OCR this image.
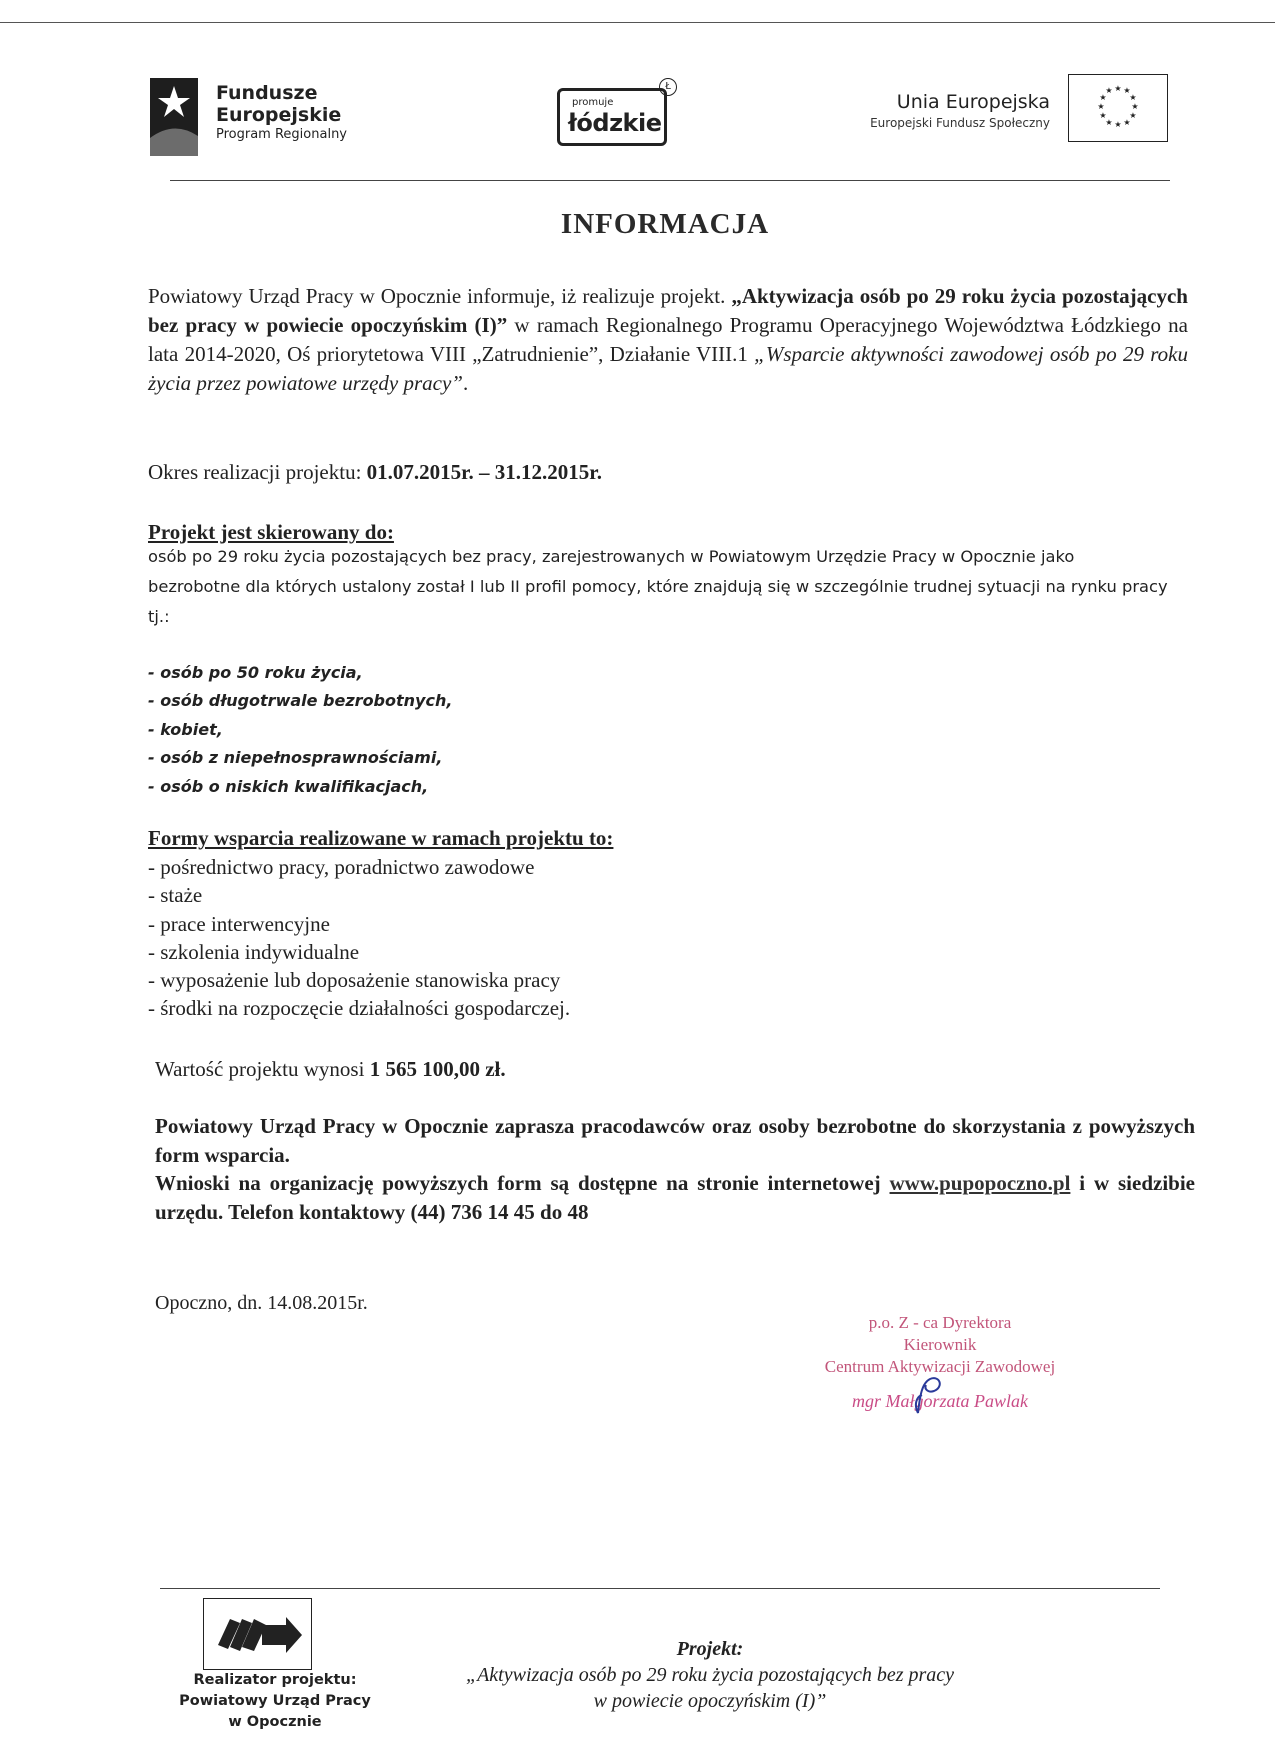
Fundusze
Europejskie
Program Regionalny
promuje
łódzkie
Ł
Unia Europejska
Europejski Fundusz Społeczny
★ ★
★
★
★
★
★
★
★
★
★
★
INFORMACJA
Powiatowy Urząd Pracy w Opocznie informuje, iż realizuje projekt. „Aktywizacja osób po 29 roku życia pozostających bez pracy w powiecie opoczyńskim (I)” w ramach Regionalnego Programu Operacyjnego Województwa Łódzkiego na lata 2014-2020, Oś priorytetowa VIII „Zatrudnienie”, Działanie VIII.1 „Wsparcie aktywności zawodowej osób po 29 roku życia przez powiatowe urzędy pracy”.
Okres realizacji projektu: 01.07.2015r. – 31.12.2015r.
Projekt jest skierowany do:
osób po 29 roku życia pozostających bez pracy, zarejestrowanych w Powiatowym Urzędzie Pracy w Opocznie jako bezrobotne dla których ustalony został I lub II profil pomocy, które znajdują się w szczególnie trudnej sytuacji na rynku pracy tj.:
- osób po 50 roku życia,
- osób długotrwale bezrobotnych,
- kobiet,
- osób z niepełnosprawnościami,
- osób o niskich kwalifikacjach,
Formy wsparcia realizowane w ramach projektu to:
- pośrednictwo pracy, poradnictwo zawodowe
- staże
- prace interwencyjne
- szkolenia indywidualne
- wyposażenie lub doposażenie stanowiska pracy
- środki na rozpoczęcie działalności gospodarczej.
Wartość projektu wynosi 1 565 100,00 zł.
Powiatowy Urząd Pracy w Opocznie zaprasza pracodawców oraz osoby bezrobotne do skorzystania z powyższych form wsparcia.
Wnioski na organizację powyższych form są dostępne na stronie internetowej www.pupopoczno.pl i w siedzibie urzędu. Telefon kontaktowy (44) 736 14 45 do 48
Opoczno, dn. 14.08.2015r.
p.o. Z - ca Dyrektora
Kierownik
Centrum Aktywizacji Zawodowej
mgr Małgorzata Pawlak
Realizator projektu:
Powiatowy Urząd Pracy
w Opocznie
Projekt:
„Aktywizacja osób po 29 roku życia pozostających bez pracy
w powiecie opoczyńskim (I)”
